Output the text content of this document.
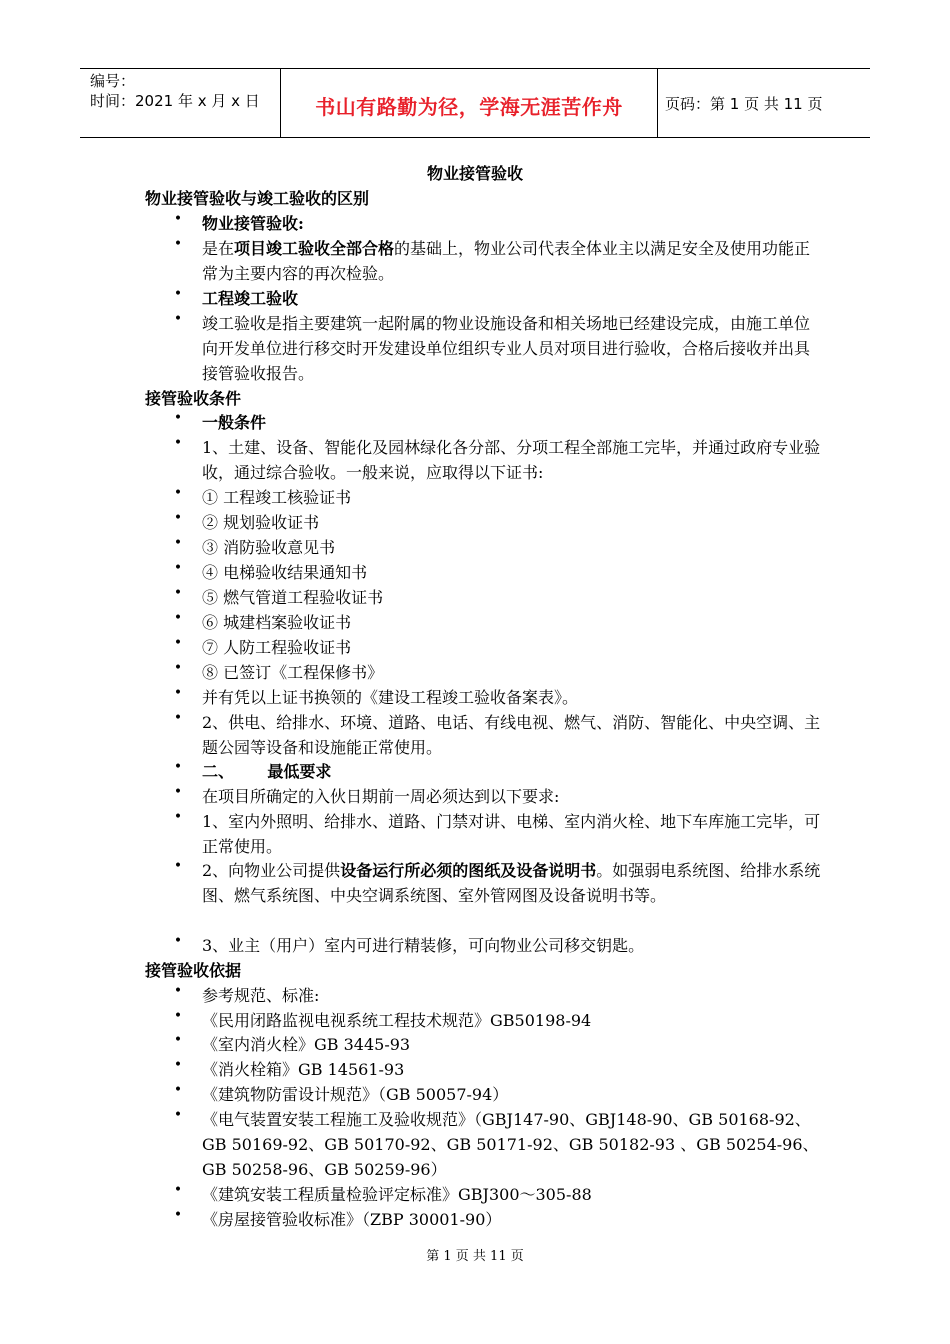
编号：
时间：2021 年 x 月 x 日	书山有路勤为径，学海无涯苦作舟	页码：第 1 页 共 11 页
物业接管验收
物业接管验收与竣工验收的区别
• 物业接管验收:
• 是在项目竣工验收全部合格的基础上，物业公司代表全体业主以满足安全及使用功能正常为主要内容的再次检验。
• 工程竣工验收
• 竣工验收是指主要建筑一起附属的物业设施设备和相关场地已经建设完成，由施工单位向开发单位进行移交时开发建设单位组织专业人员对项目进行验收，合格后接收并出具接管验收报告。
接管验收条件
• 一般条件
• 1、土建、设备、智能化及园林绿化各分部、分项工程全部施工完毕，并通过政府专业验收，通过综合验收。一般来说，应取得以下证书:
• ① 工程竣工核验证书
• ② 规划验收证书
• ③ 消防验收意见书
• ④ 电梯验收结果通知书
• ⑤ 燃气管道工程验收证书
• ⑥ 城建档案验收证书
• ⑦ 人防工程验收证书
• ⑧ 已签订《工程保修书》
• 并有凭以上证书换领的《建设工程竣工验收备案表》。
• 2、供电、给排水、环境、道路、电话、有线电视、燃气、消防、智能化、中央空调、主题公园等设备和设施能正常使用。
• 二、      最低要求
• 在项目所确定的入伙日期前一周必须达到以下要求:
• 1、室内外照明、给排水、道路、门禁对讲、电梯、室内消火栓、地下车库施工完毕，可正常使用。
• 2、向物业公司提供设备运行所必须的图纸及设备说明书。如强弱电系统图、给排水系统图、燃气系统图、中央空调系统图、室外管网图及设备说明书等。
• 3、业主（用户）室内可进行精装修，可向物业公司移交钥匙。
接管验收依据
• 参考规范、标准:
• 《民用闭路监视电视系统工程技术规范》GB50198-94
• 《室内消火栓》GB 3445-93
• 《消火栓箱》GB 14561-93
• 《建筑物防雷设计规范》（GB 50057-94）
• 《电气装置安装工程施工及验收规范》（GBJ147-90、GBJ148-90、GB 50168-92、GB 50169-92、GB 50170-92、GB 50171-92、GB 50182-93 、GB 50254-96、GB 50258-96、GB 50259-96）
• 《建筑安装工程质量检验评定标准》GBJ300～305-88
• 《房屋接管验收标准》（ZBP 30001-90）
第 1 页 共 11 页
